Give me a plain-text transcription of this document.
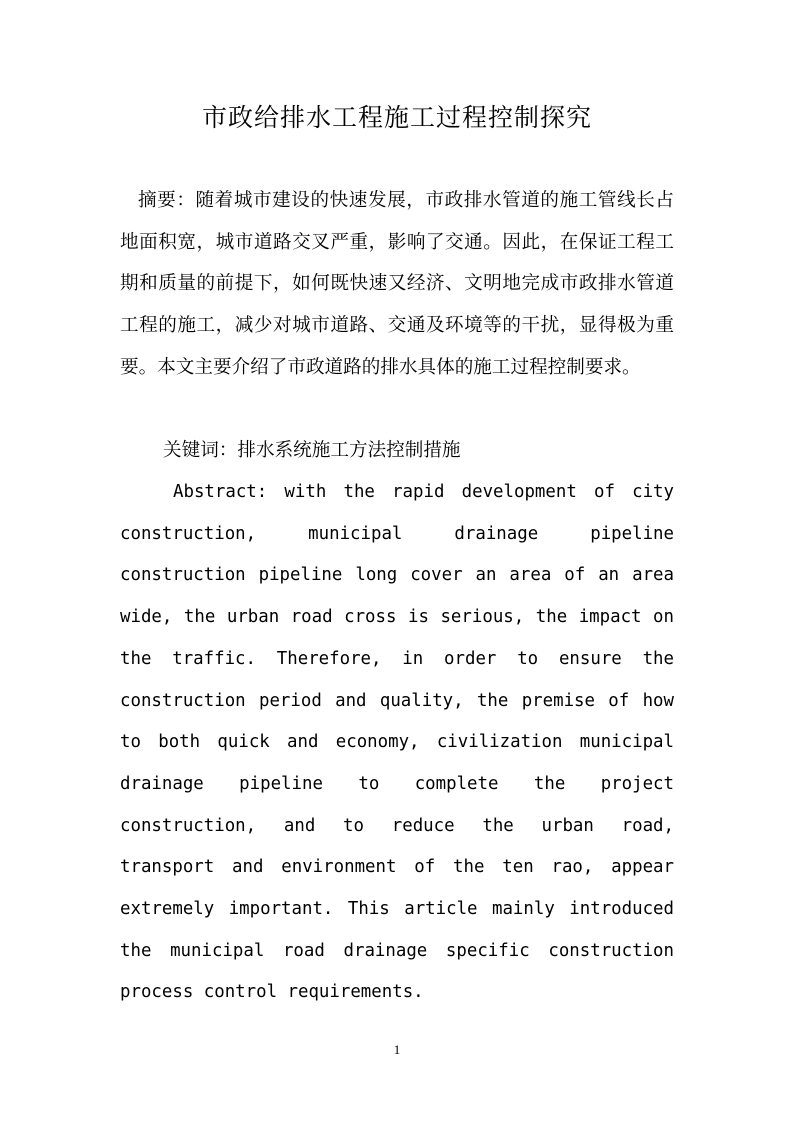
市政给排水工程施工过程控制探究

摘要：随着城市建设的快速发展，市政排水管道的施工管线长占地面积宽，城市道路交叉严重，影响了交通。因此，在保证工程工期和质量的前提下，如何既快速又经济、文明地完成市政排水管道工程的施工，减少对城市道路、交通及环境等的干扰，显得极为重要。本文主要介绍了市政道路的排水具体的施工过程控制要求。

关键词：排水系统施工方法控制措施

Abstract: with the rapid development of city construction, municipal drainage pipeline construction pipeline long cover an area of an area wide, the urban road cross is serious, the impact on the traffic. Therefore, in order to ensure the construction period and quality, the premise of how to both quick and economy, civilization municipal drainage pipeline to complete the project construction, and to reduce the urban road, transport and environment of the ten rao, appear extremely important. This article mainly introduced the municipal road drainage specific construction process control requirements.

1
